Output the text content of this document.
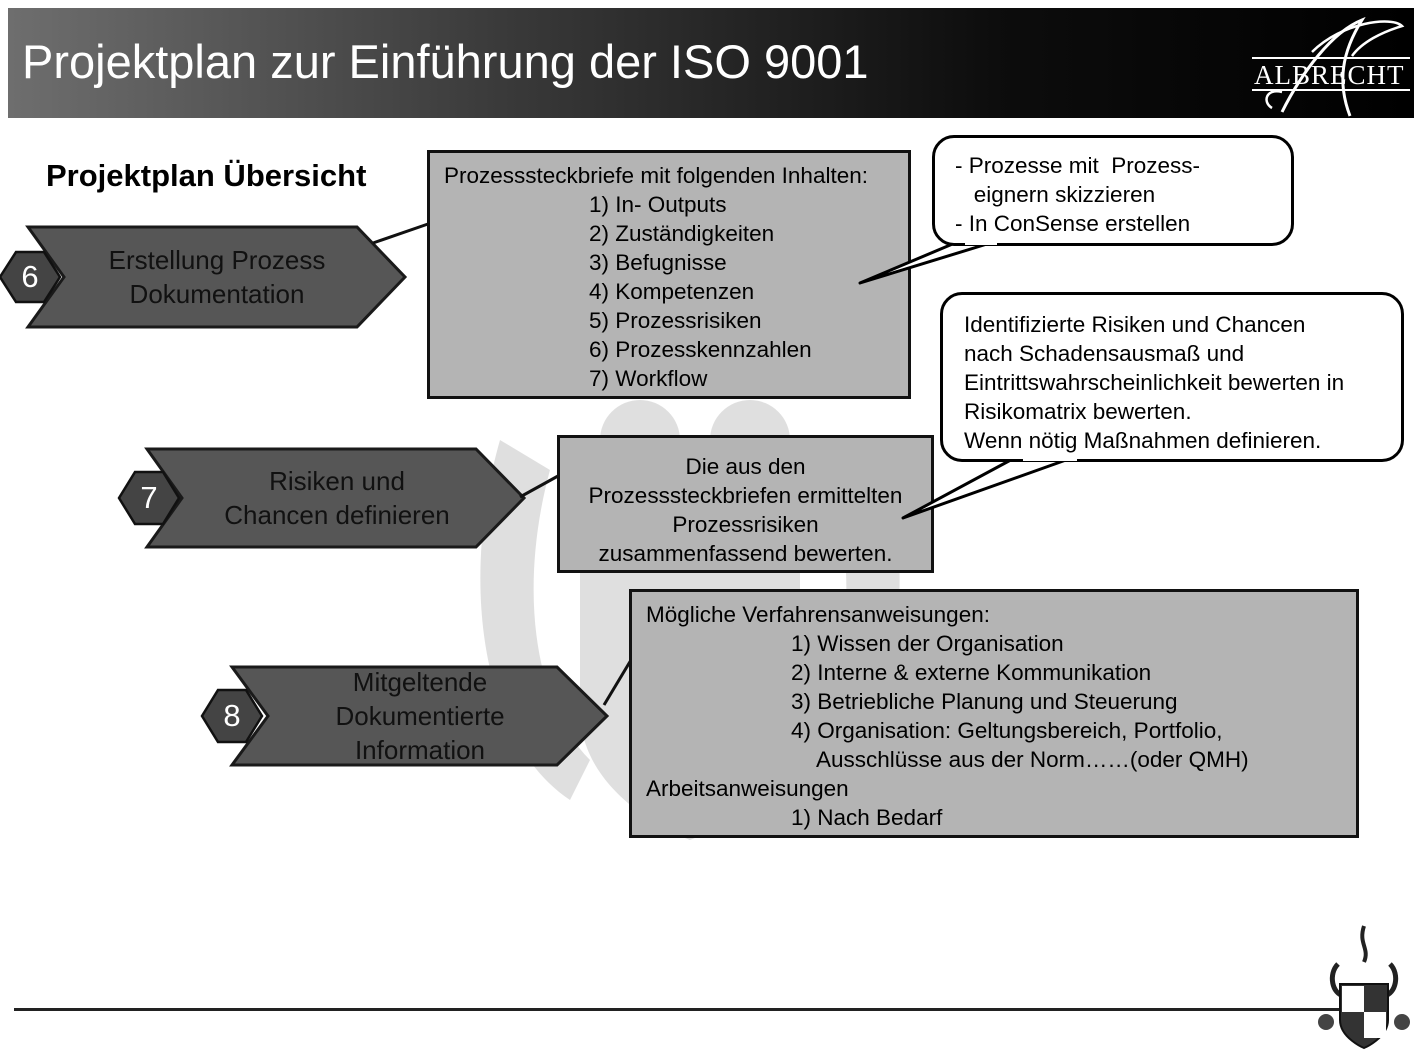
Projektplan zur Einführung der ISO 9001	ALBRECHT
Projektplan Übersicht
Erstellung Prozess
Dokumentation
Risiken und
Chancen definieren
Mitgeltende
Dokumentierte
Information
6
7
8
Prozesssteckbriefe mit folgenden Inhalten:
1) In- Outputs
2) Zuständigkeiten
3) Befugnisse
4) Kompetenzen
5) Prozessrisiken
6) Prozesskennzahlen
7) Workflow
Die aus den
Prozesssteckbriefen ermittelten
Prozessrisiken
zusammenfassend bewerten.
Mögliche Verfahrensanweisungen:
1) Wissen der Organisation
2) Interne & externe Kommunikation
3) Betriebliche Planung und Steuerung
4) Organisation: Geltungsbereich, Portfolio,
Ausschlüsse aus der Norm……(oder QMH)
Arbeitsanweisungen
1) Nach Bedarf
- Prozesse mit  Prozess-
eignern skizzieren
- In ConSense erstellen
Identifizierte Risiken und Chancen
nach Schadensausmaß und
Eintrittswahrscheinlichkeit bewerten in
Risikomatrix bewerten.
Wenn nötig Maßnahmen definieren.
